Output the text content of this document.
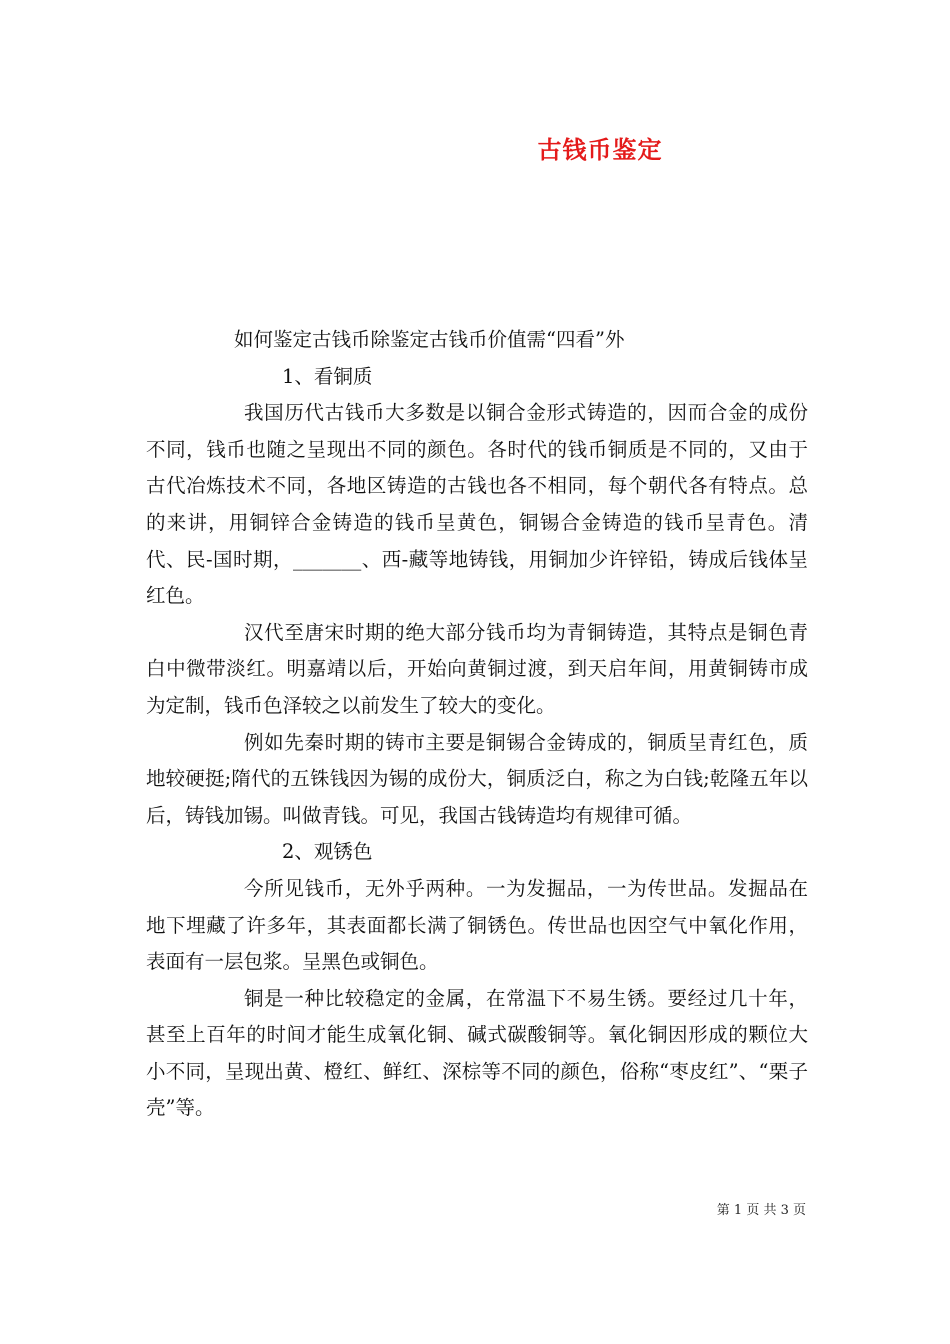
古钱币鉴定

如何鉴定古钱币除鉴定古钱币价值需“四看”外

1、看铜质

我国历代古钱币大多数是以铜合金形式铸造的，因而合金的成份不同，钱币也随之呈现出不同的颜色。各时代的钱币铜质是不同的，又由于古代冶炼技术不同，各地区铸造的古钱也各不相同，每个朝代各有特点。总的来讲，用铜锌合金铸造的钱币呈黄色，铜锡合金铸造的钱币呈青色。清代、民-国时期，_______、西-藏等地铸钱，用铜加少许锌铅，铸成后钱体呈红色。

汉代至唐宋时期的绝大部分钱币均为青铜铸造，其特点是铜色青白中微带淡红。明嘉靖以后，开始向黄铜过渡，到天启年间，用黄铜铸市成为定制，钱币色泽较之以前发生了较大的变化。

例如先秦时期的铸市主要是铜锡合金铸成的，铜质呈青红色，质地较硬挺;隋代的五铢钱因为锡的成份大，铜质泛白，称之为白钱;乾隆五年以后，铸钱加锡。叫做青钱。可见，我国古钱铸造均有规律可循。

2、观锈色

今所见钱币，无外乎两种。一为发掘品，一为传世品。发掘品在地下埋藏了许多年，其表面都长满了铜锈色。传世品也因空气中氧化作用，表面有一层包浆。呈黑色或铜色。

铜是一种比较稳定的金属，在常温下不易生锈。要经过几十年，甚至上百年的时间才能生成氧化铜、碱式碳酸铜等。氧化铜因形成的颗位大小不同，呈现出黄、橙红、鲜红、深棕等不同的颜色，俗称“枣皮红”、“栗子壳”等。

第 1 页 共 3 页
